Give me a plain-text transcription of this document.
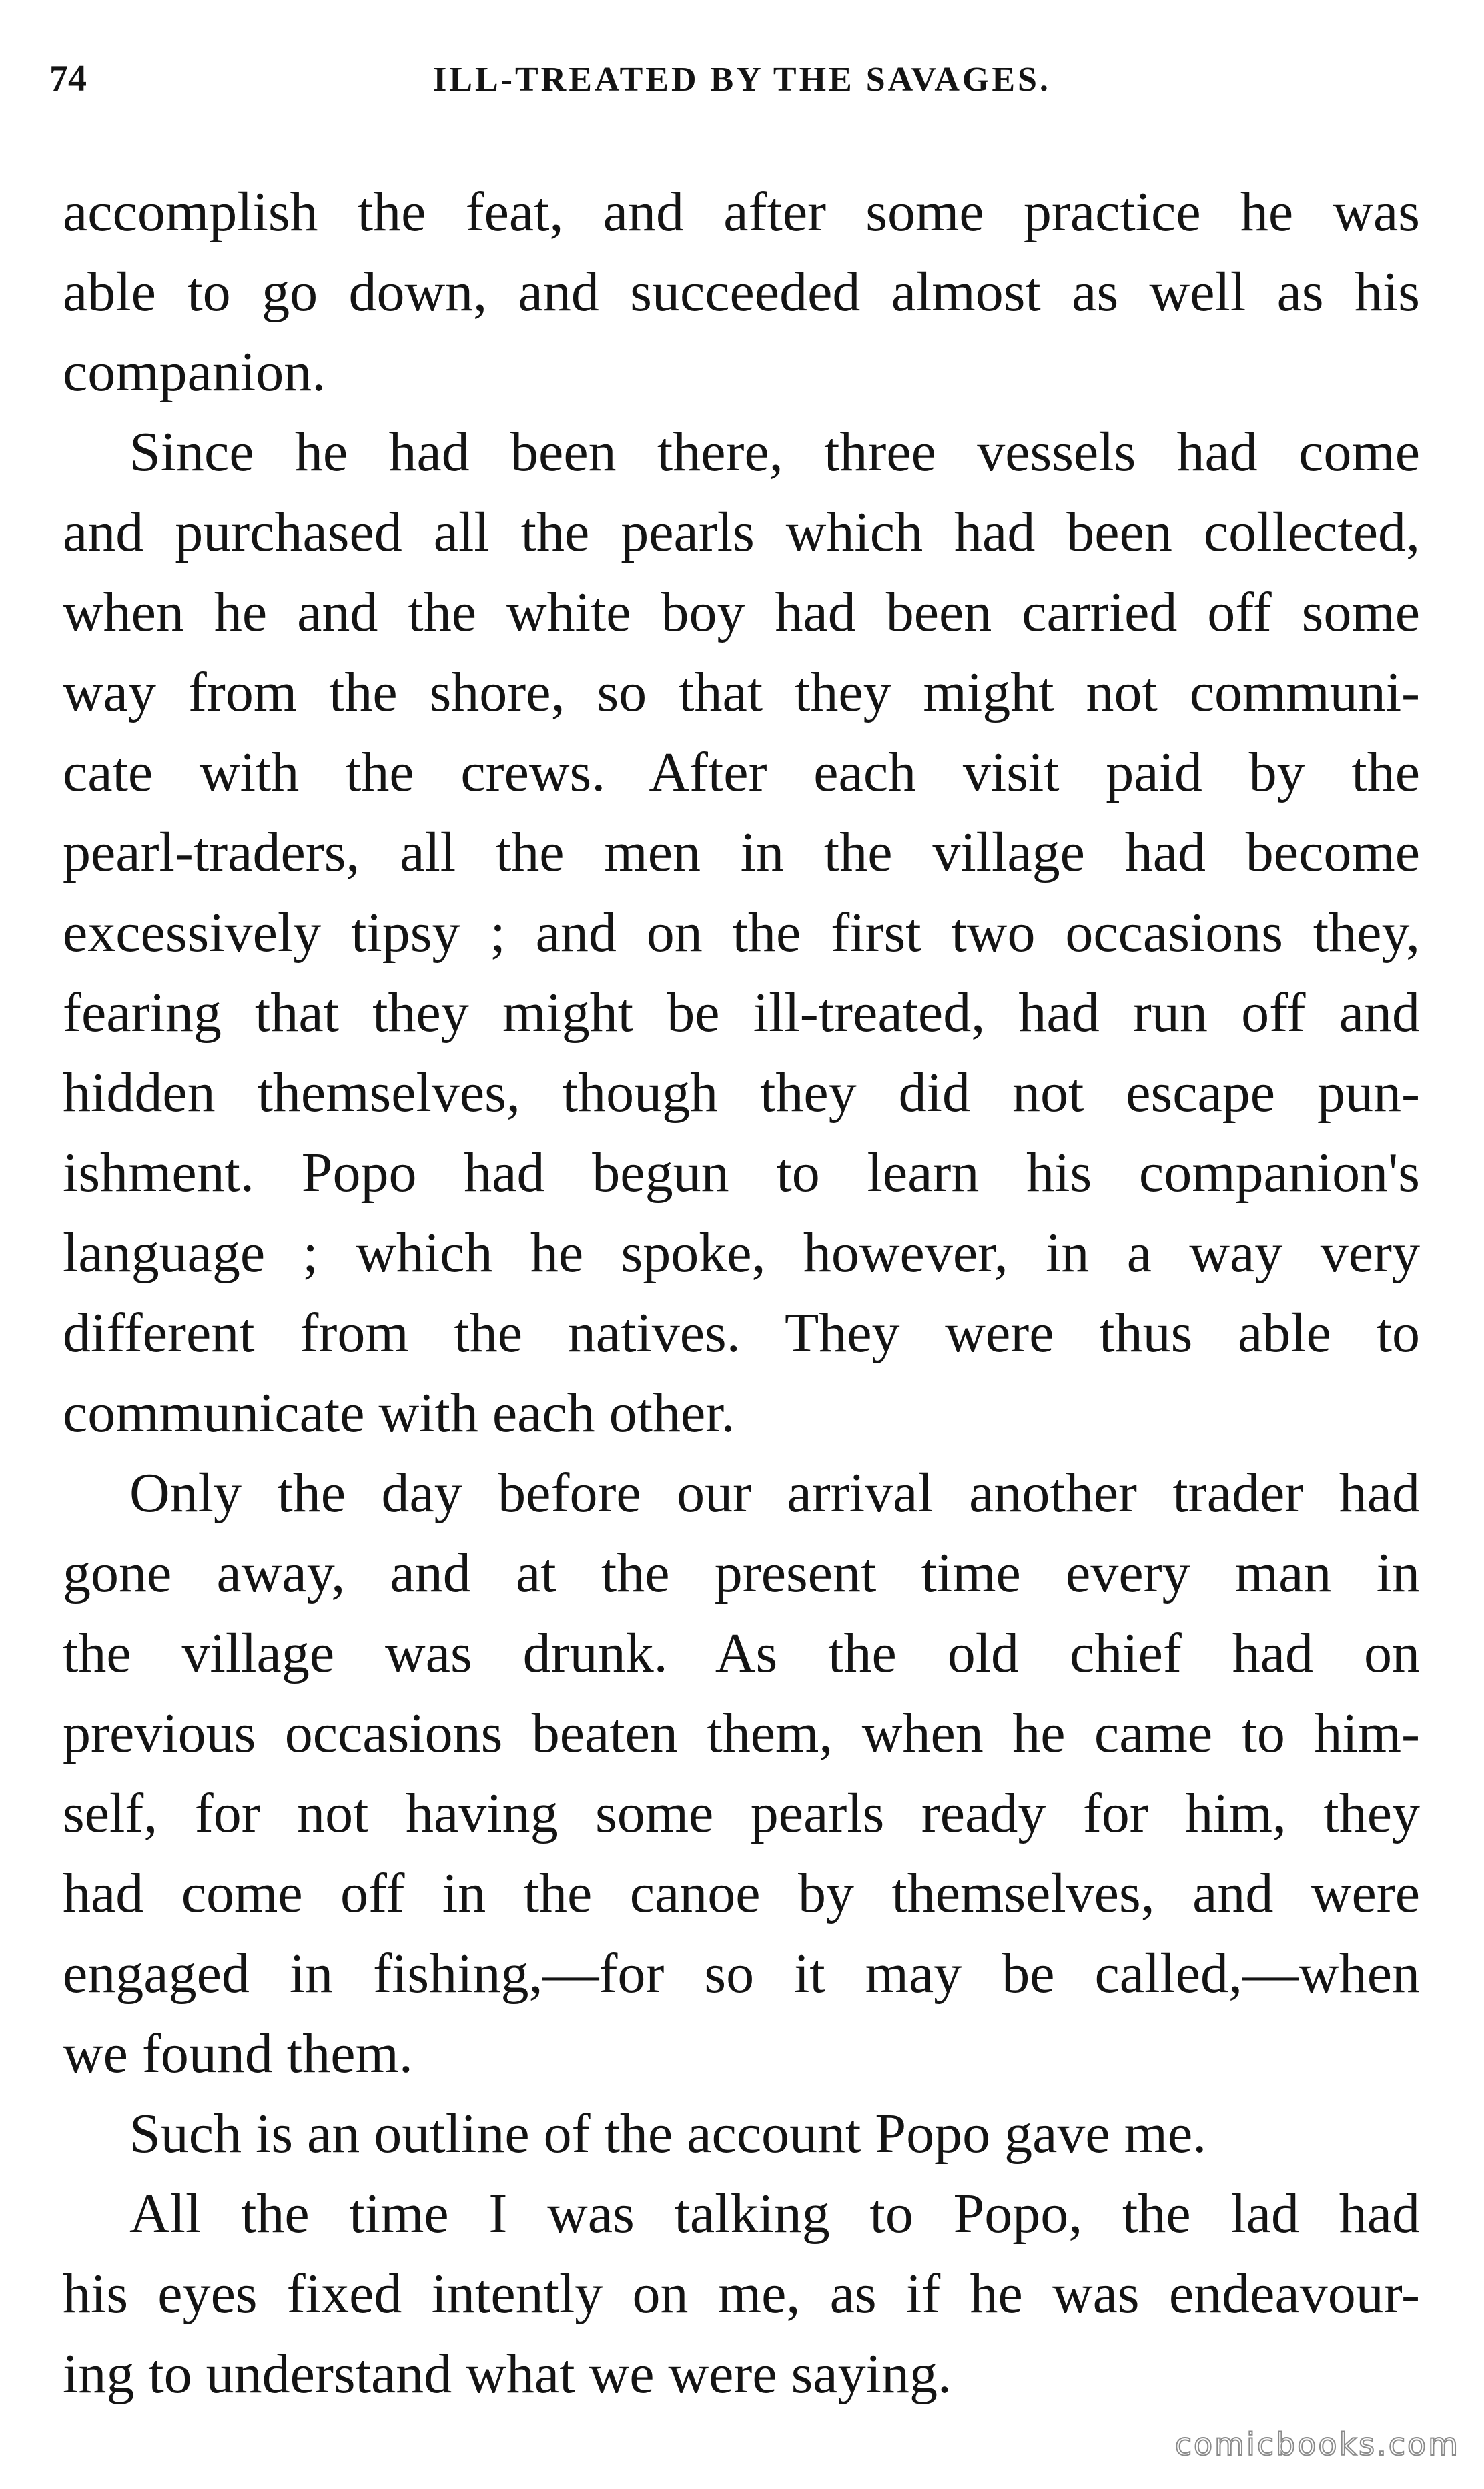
74	ILL-TREATED BY THE SAVAGES.
accomplish the feat, and after some practice he was
able to go down, and succeeded almost as well as his
companion.
Since he had been there, three vessels had come
and purchased all the pearls which had been collected,
when he and the white boy had been carried off some
way from the shore, so that they might not communi-
cate with the crews. After each visit paid by the
pearl-traders, all the men in the village had become
excessively tipsy ; and on the first two occasions they,
fearing that they might be ill-treated, had run off and
hidden themselves, though they did not escape pun-
ishment. Popo had begun to learn his companion's
language ; which he spoke, however, in a way very
different from the natives. They were thus able to
communicate with each other.
Only the day before our arrival another trader had
gone away, and at the present time every man in
the village was drunk. As the old chief had on
previous occasions beaten them, when he came to him-
self, for not having some pearls ready for him, they
had come off in the canoe by themselves, and were
engaged in fishing,—for so it may be called,—when
we found them.
Such is an outline of the account Popo gave me.
All the time I was talking to Popo, the lad had
his eyes fixed intently on me, as if he was endeavour-
ing to understand what we were saying.
comicbooks.com
